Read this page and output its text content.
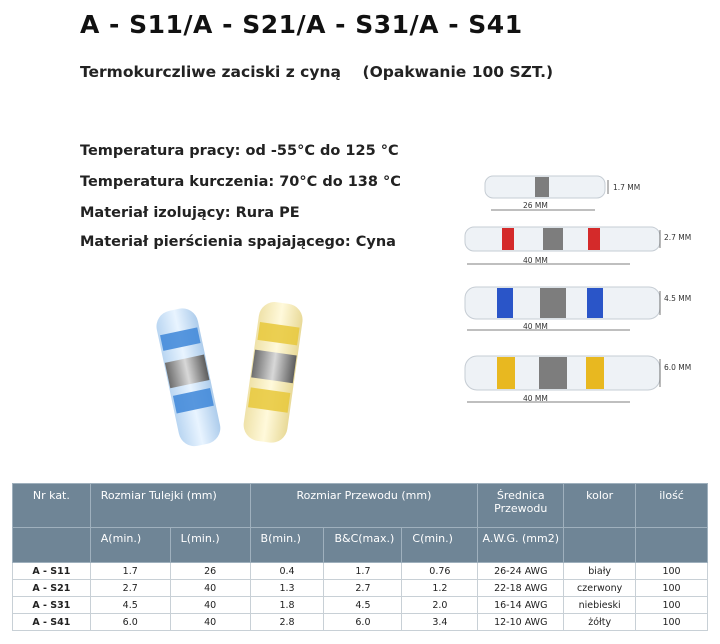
A - S11/A - S21/A - S31/A - S41
Termokurczliwe zaciski z cyną    (Opakwanie 100 SZT.)
Temperatura pracy: od -55°C do 125 °C
Temperatura kurczenia: 70°C do 138 °C
Materiał izolujący: Rura PE
Materiał pierścienia spajającego: Cyna
1.7 MM
26 MM
2.7 MM
40 MM
4.5 MM
40 MM
6.0 MM
40 MM
Nr kat.	Rozmiar Tulejki (mm)		Rozmiar Przewodu (mm)			Średnica Przewodu	kolor	ilość
	A(min.)	L(min.)	B(min.)	B&C(max.)	C(min.)	A.W.G. (mm2)		
A - S11	1.7	26	0.4	1.7	0.76	26-24 AWG	biały	100
A - S21	2.7	40	1.3	2.7	1.2	22-18 AWG	czerwony	100
A - S31	4.5	40	1.8	4.5	2.0	16-14 AWG	niebieski	100
A - S41	6.0	40	2.8	6.0	3.4	12-10 AWG	żółty	100
